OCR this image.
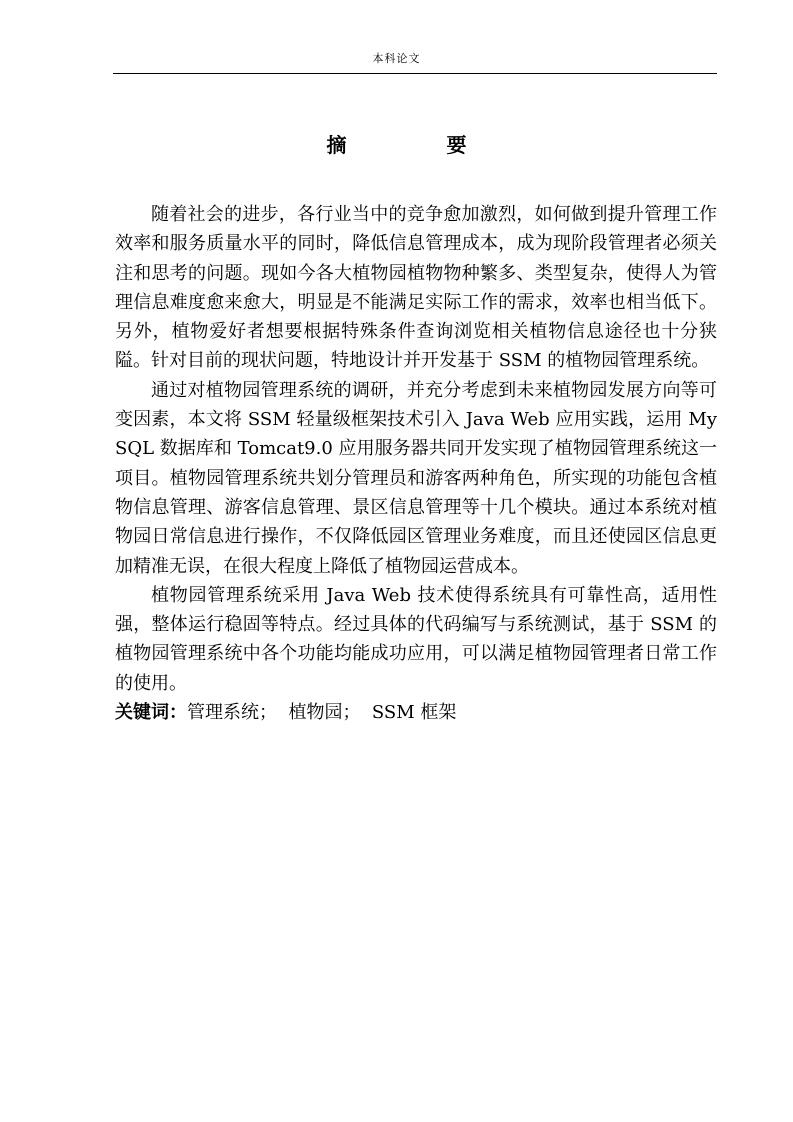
本科论文
摘　要

随着社会的进步，各行业当中的竞争愈加激烈，如何做到提升管理工作效率和服务质量水平的同时，降低信息管理成本，成为现阶段管理者必须关注和思考的问题。现如今各大植物园植物物种繁多、类型复杂，使得人为管理信息难度愈来愈大，明显是不能满足实际工作的需求，效率也相当低下。另外，植物爱好者想要根据特殊条件查询浏览相关植物信息途径也十分狭隘。针对目前的现状问题，特地设计并开发基于 SSM 的植物园管理系统。

通过对植物园管理系统的调研，并充分考虑到未来植物园发展方向等可变因素，本文将 SSM 轻量级框架技术引入 Java Web 应用实践，运用 MySQL 数据库和 Tomcat9.0 应用服务器共同开发实现了植物园管理系统这一项目。植物园管理系统共划分管理员和游客两种角色，所实现的功能包含植物信息管理、游客信息管理、景区信息管理等十几个模块。通过本系统对植物园日常信息进行操作，不仅降低园区管理业务难度，而且还使园区信息更加精准无误，在很大程度上降低了植物园运营成本。

植物园管理系统采用 Java Web 技术使得系统具有可靠性高，适用性强，整体运行稳固等特点。经过具体的代码编写与系统测试，基于 SSM 的植物园管理系统中各个功能均能成功应用，可以满足植物园管理者日常工作的使用。

关键词：管理系统； 植物园； SSM 框架
